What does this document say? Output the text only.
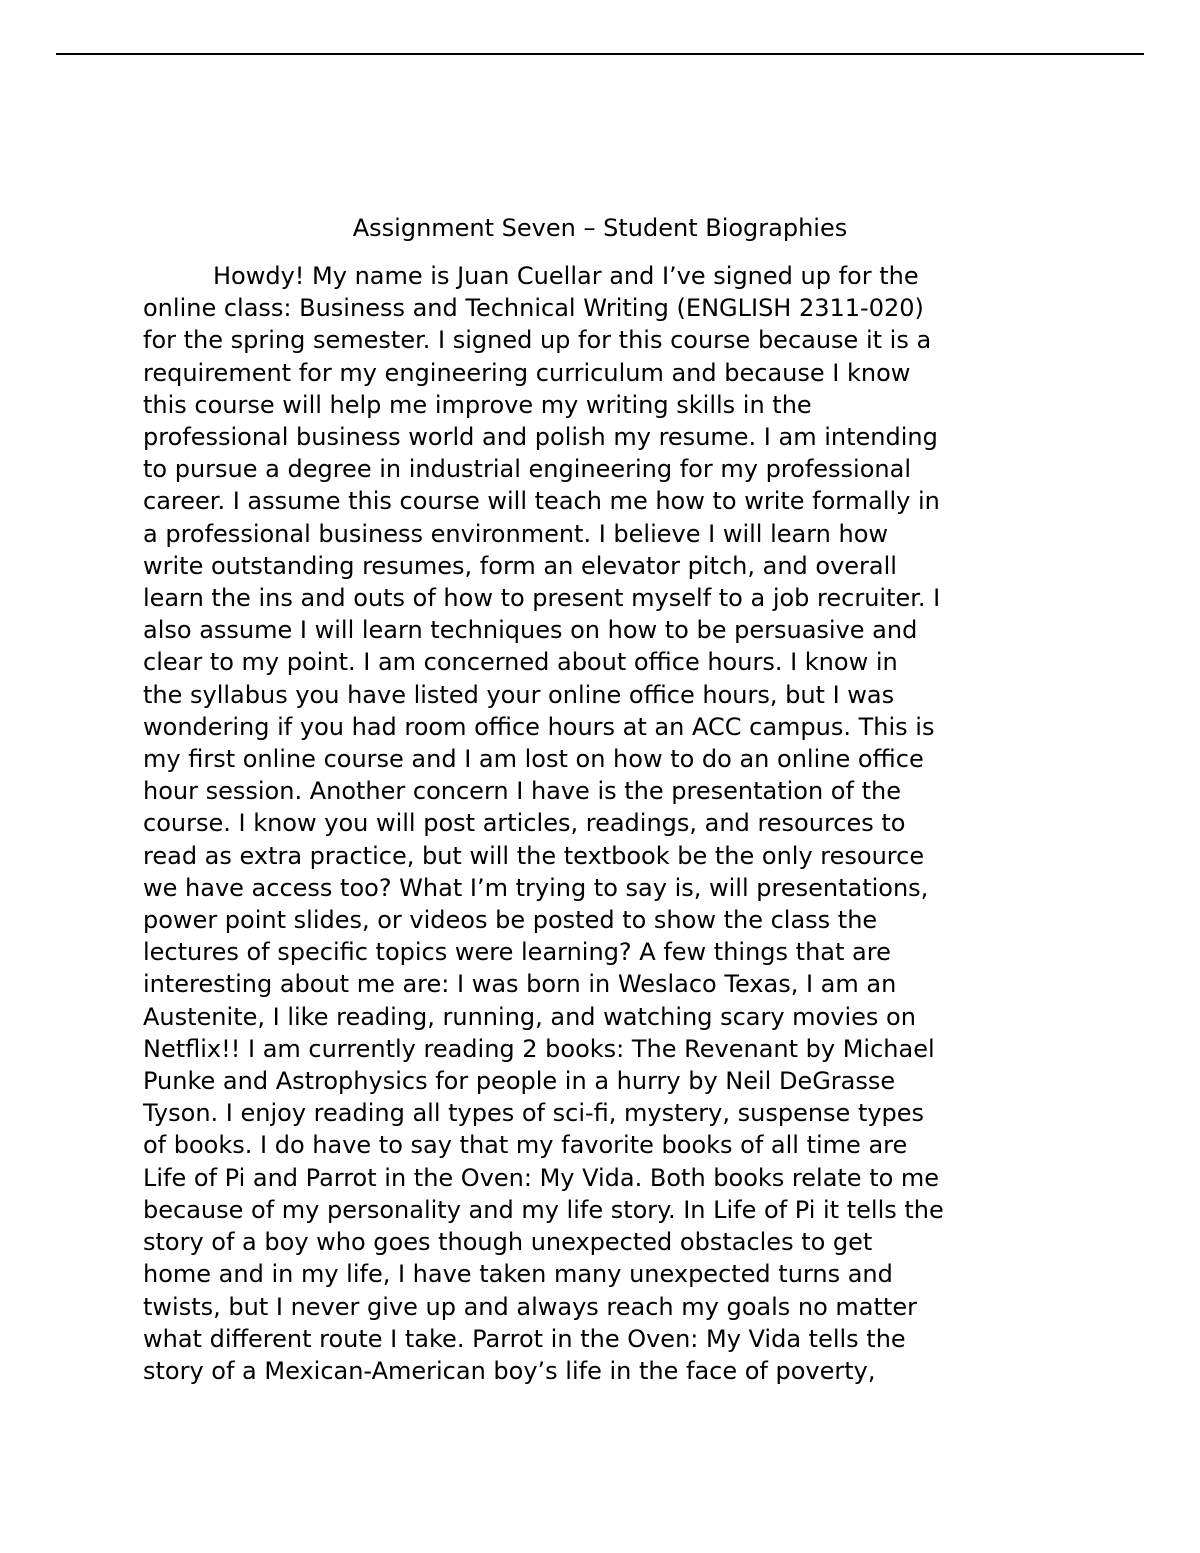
Assignment Seven – Student Biographies
Howdy! My name is Juan Cuellar and I’ve signed up for the
online class: Business and Technical Writing (ENGLISH 2311-020)
for the spring semester. I signed up for this course because it is a
requirement for my engineering curriculum and because I know
this course will help me improve my writing skills in the
professional business world and polish my resume. I am intending
to pursue a degree in industrial engineering for my professional
career. I assume this course will teach me how to write formally in
a professional business environment. I believe I will learn how
write outstanding resumes, form an elevator pitch, and overall
learn the ins and outs of how to present myself to a job recruiter. I
also assume I will learn techniques on how to be persuasive and
clear to my point. I am concerned about office hours. I know in
the syllabus you have listed your online office hours, but I was
wondering if you had room office hours at an ACC campus. This is
my first online course and I am lost on how to do an online office
hour session. Another concern I have is the presentation of the
course. I know you will post articles, readings, and resources to
read as extra practice, but will the textbook be the only resource
we have access too? What I’m trying to say is, will presentations,
power point slides, or videos be posted to show the class the
lectures of specific topics were learning? A few things that are
interesting about me are: I was born in Weslaco Texas, I am an
Austenite, I like reading, running, and watching scary movies on
Netflix!! I am currently reading 2 books: The Revenant by Michael
Punke and Astrophysics for people in a hurry by Neil DeGrasse
Tyson. I enjoy reading all types of sci-fi, mystery, suspense types
of books. I do have to say that my favorite books of all time are
Life of Pi and Parrot in the Oven: My Vida. Both books relate to me
because of my personality and my life story. In Life of Pi it tells the
story of a boy who goes though unexpected obstacles to get
home and in my life, I have taken many unexpected turns and
twists, but I never give up and always reach my goals no matter
what different route I take. Parrot in the Oven: My Vida tells the
story of a Mexican-American boy’s life in the face of poverty,
